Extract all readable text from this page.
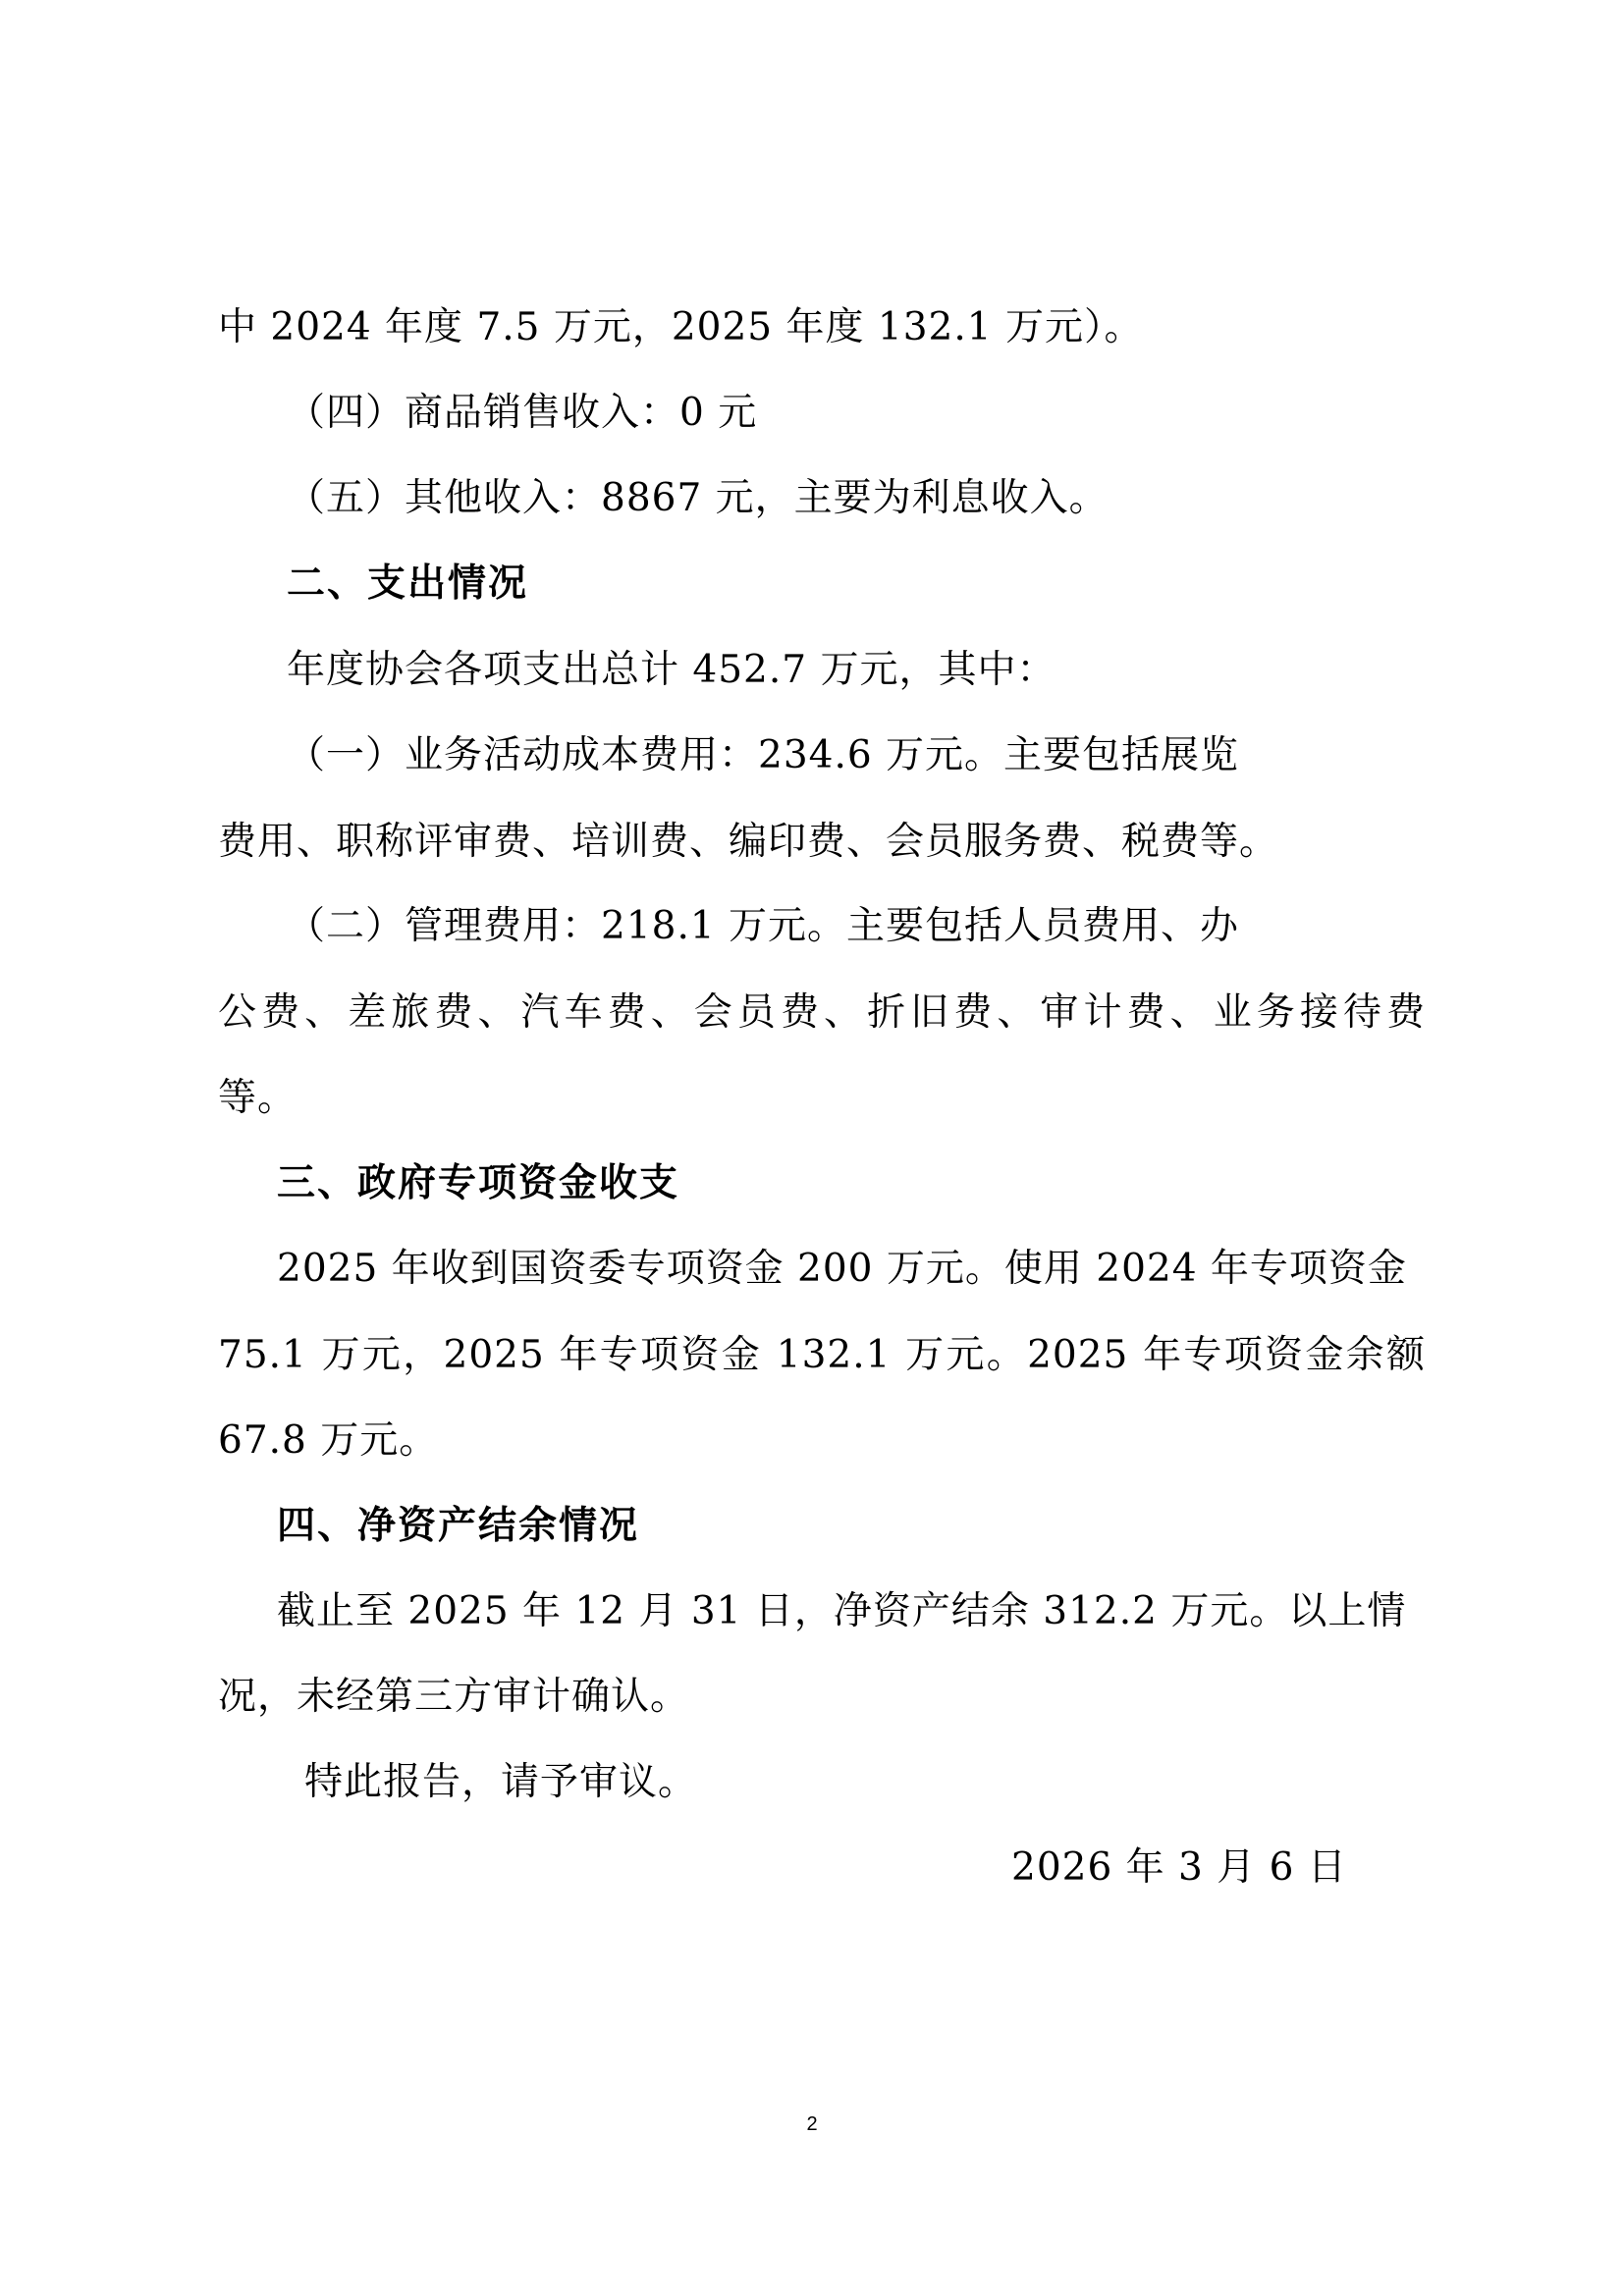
中 2024 年度 7.5 万元，2025 年度 132.1 万元）。
（四）商品销售收入：0 元
（五）其他收入：8867 元，主要为利息收入。
二、支出情况
年度协会各项支出总计 452.7 万元，其中：
（一）业务活动成本费用：234.6 万元。主要包括展览
费用、职称评审费、培训费、编印费、会员服务费、税费等。
（二）管理费用：218.1 万元。主要包括人员费用、办
公费、差旅费、汽车费、会员费、折旧费、审计费、业务接待费
等。
三、政府专项资金收支
2025 年收到国资委专项资金 200 万元。使用 2024 年专项资金
75.1 万元，2025 年专项资金 132.1 万元。2025 年专项资金余额
67.8 万元。
四、净资产结余情况
截止至 2025 年 12 月 31 日，净资产结余 312.2 万元。以上情
况，未经第三方审计确认。
特此报告，请予审议。
2026 年 3 月 6 日
2
